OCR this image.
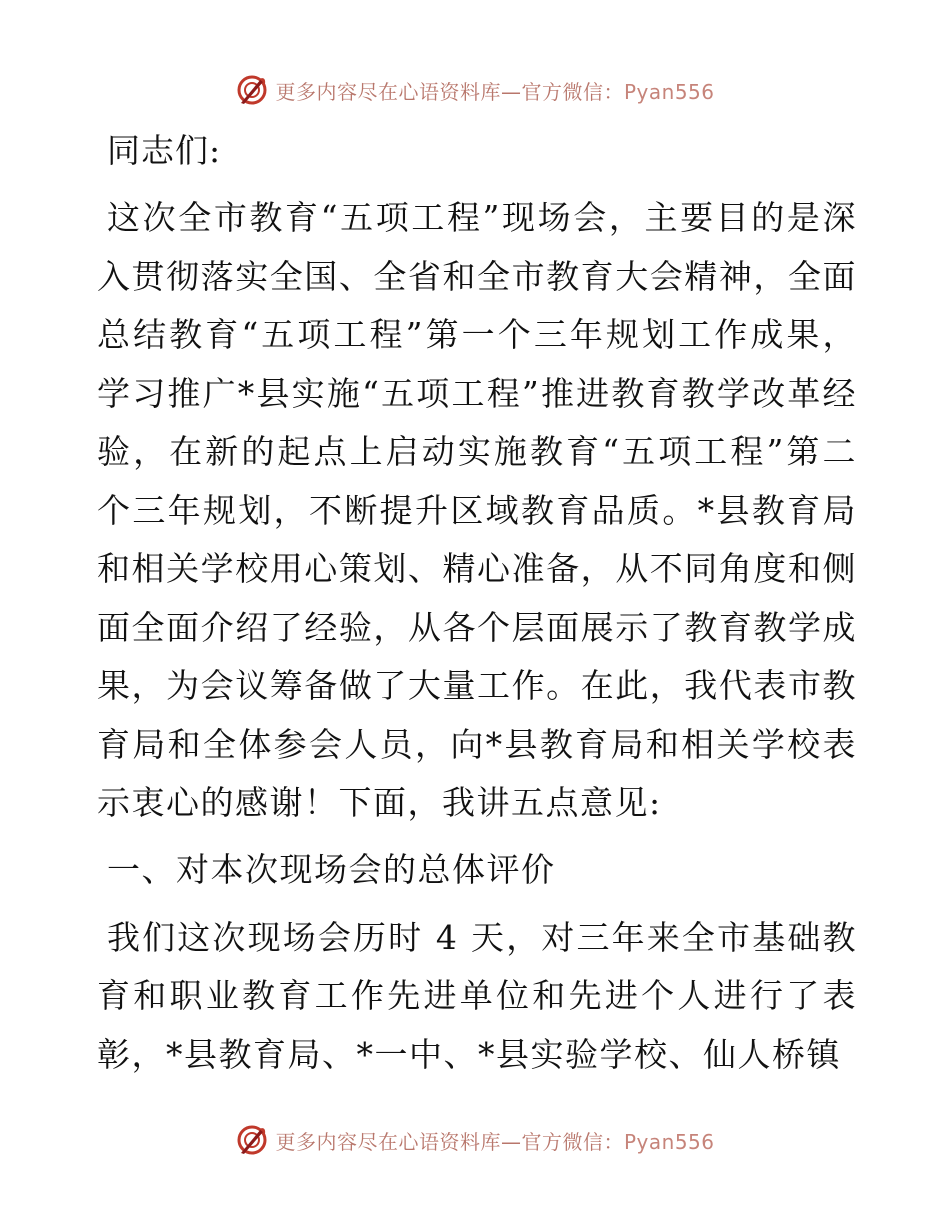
更多内容尽在心语资料库—官方微信：Pyan556

同志们:

这次全市教育“五项工程”现场会，主要目的是深入贯彻落实全国、全省和全市教育大会精神，全面总结教育“五项工程”第一个三年规划工作成果，学习推广*县实施“五项工程”推进教育教学改革经验，在新的起点上启动实施教育“五项工程”第二个三年规划，不断提升区域教育品质。*县教育局和相关学校用心策划、精心准备，从不同角度和侧面全面介绍了经验，从各个层面展示了教育教学成果，为会议筹备做了大量工作。在此，我代表市教育局和全体参会人员，向*县教育局和相关学校表示衷心的感谢！下面，我讲五点意见:

一、对本次现场会的总体评价

我们这次现场会历时 4 天，对三年来全市基础教育和职业教育工作先进单位和先进个人进行了表彰，*县教育局、*一中、*县实验学校、仙人桥镇

更多内容尽在心语资料库—官方微信：Pyan556
